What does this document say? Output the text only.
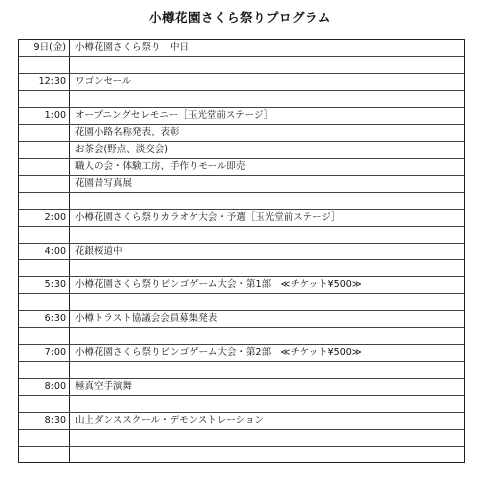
小樽花園さくら祭りプログラム
9日(金) 小樽花園さくら祭り　中日
12:30 ワゴンセール
1:00 オープニングセレモニー［玉光堂前ステージ］
花園小路名称発表、表彰
お茶会(野点、淡交会)
職人の会・体験工房、手作りモール即売
花園昔写真展
2:00 小樽花園さくら祭りカラオケ大会・予選［玉光堂前ステージ］
4:00 花銀桜道中
5:30 小樽花園さくら祭りビンゴゲーム大会・第1部　≪チケット¥500≫
6:30 小樽トラスト協議会会員募集発表
7:00 小樽花園さくら祭りビンゴゲーム大会・第2部　≪チケット¥500≫
8:00 極真空手演舞
8:30 山上ダンススクール・デモンストレーション
